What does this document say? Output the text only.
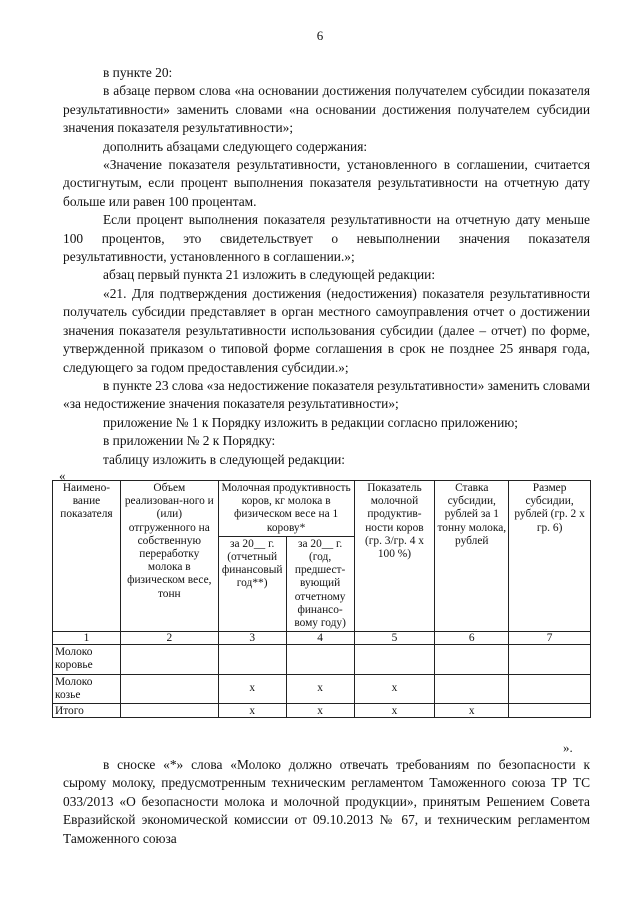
6

в пункте 20:

в абзаце первом слова «на основании достижения получателем субсидии показателя результативности» заменить словами «на основании достижения получателем субсидии значения показателя результативности»;

дополнить абзацами следующего содержания:

«Значение показателя результативности, установленного в соглашении, считается достигнутым, если процент выполнения показателя результативности на отчетную дату больше или равен 100 процентам.

Если процент выполнения показателя результативности на отчетную дату меньше 100 процентов, это свидетельствует о невыполнении значения показателя результативности, установленного в соглашении.»;

абзац первый пункта 21 изложить в следующей редакции:

«21. Для подтверждения достижения (недостижения) показателя результативности получатель субсидии представляет в орган местного самоуправления отчет о достижении значения показателя результативности использования субсидии (далее – отчет) по форме, утвержденной приказом о типовой форме соглашения в срок не позднее 25 января года, следующего за годом предоставления субсидии.»;

в пункте 23 слова «за недостижение показателя результативности» заменить словами «за недостижение значения показателя результативности»;

приложение № 1 к Порядку изложить в редакции согласно приложению;

в приложении № 2 к Порядку:

таблицу изложить в следующей редакции:

«
Наимено-вание показателя	Объем реализован-ного и (или) отгруженного на собственную переработку молока в физическом весе, тонн	Молочная продуктивность коров, кг молока в физическом весе на 1 корову*		Показатель молочной продуктив-ности коров (гр. 3/гр. 4 x 100 %)	Ставка субсидии, рублей за 1 тонну молока, рублей	Размер субсидии, рублей (гр. 2 x гр. 6)
		за 20__ г. (отчетный финансовый год**)	за 20__ г. (год, предшест-вующий отчетному финансо-вому году)			
1	2	3	4	5	6	7
Молоко коровье						
Молоко козье		x	x	x		
Итого		x	x	x	x	
».

в сноске «*» слова «Молоко должно отвечать требованиям по безопасности к сырому молоку, предусмотренным техническим регламентом Таможенного союза ТР ТС 033/2013 «О безопасности молока и молочной продукции», принятым Решением Совета Евразийской экономической комиссии от 09.10.2013 № 67, и техническим регламентом Таможенного союза
